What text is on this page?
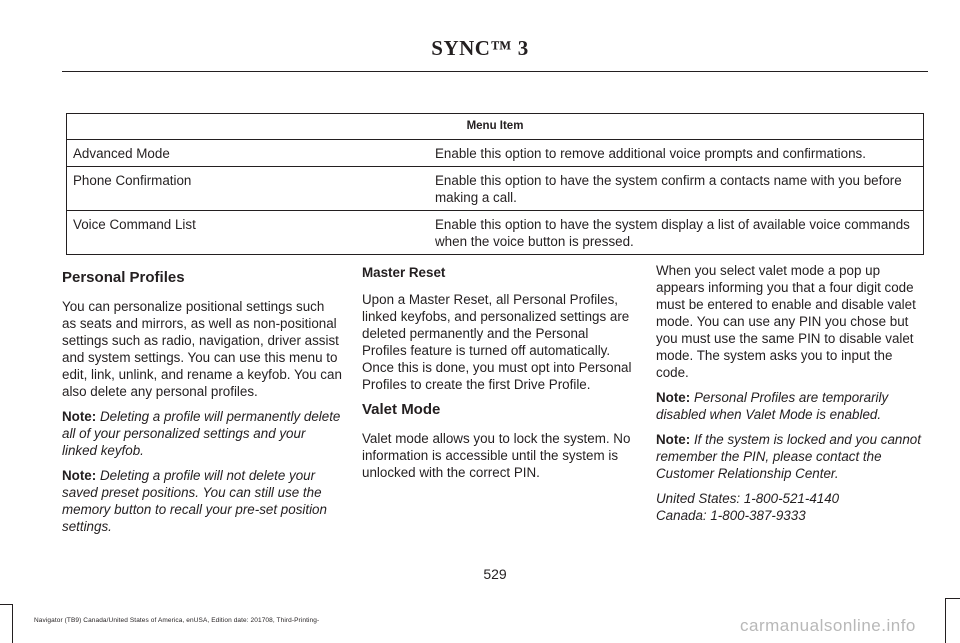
SYNC™ 3
Menu Item	
Advanced Mode	Enable this option to remove additional voice prompts and confirmations.
Phone Confirmation	Enable this option to have the system confirm a contacts name with you before making a call.
Voice Command List	Enable this option to have the system display a list of available voice commands when the voice button is pressed.
Personal Profiles

You can personalize positional settings such as seats and mirrors, as well as non-positional settings such as radio, navigation, driver assist and system settings. You can use this menu to edit, link, unlink, and rename a keyfob. You can also delete any personal profiles.

Note: Deleting a profile will permanently delete all of your personalized settings and your linked keyfob.

Note: Deleting a profile will not delete your saved preset positions. You can still use the memory button to recall your pre-set position settings.

Master Reset

Upon a Master Reset, all Personal Profiles, linked keyfobs, and personalized settings are deleted permanently and the Personal Profiles feature is turned off automatically. Once this is done, you must opt into Personal Profiles to create the first Drive Profile.

Valet Mode

Valet mode allows you to lock the system. No information is accessible until the system is unlocked with the correct PIN.

When you select valet mode a pop up appears informing you that a four digit code must be entered to enable and disable valet mode. You can use any PIN you chose but you must use the same PIN to disable valet mode. The system asks you to input the code.

Note: Personal Profiles are temporarily disabled when Valet Mode is enabled.

Note: If the system is locked and you cannot remember the PIN, please contact the Customer Relationship Center.

United States: 1-800-521-4140
Canada: 1-800-387-9333

529
Navigator (TB9) Canada/United States of America, enUSA, Edition date: 201708, Third-Printing-	carmanualsonline.info
